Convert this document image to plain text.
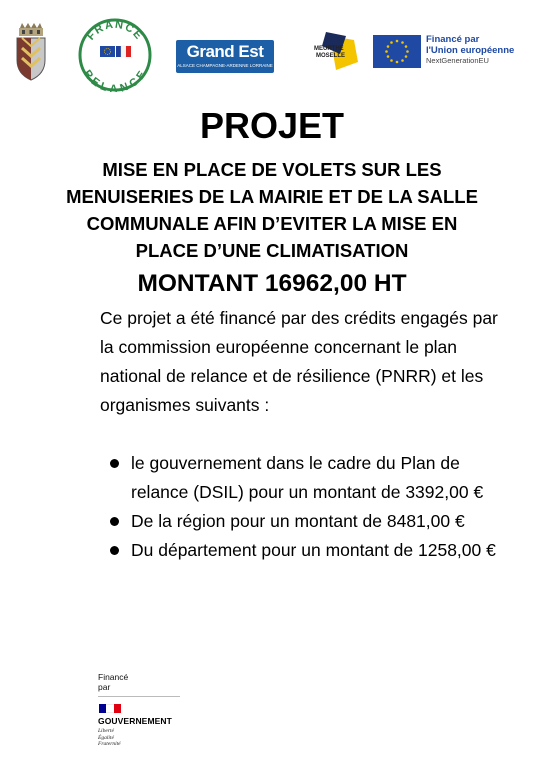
FRANCE
RELANCE
Grand Est
ALSACE CHAMPAGNE-ARDENNE LORRAINE
MEURTHE
MOSELLE
Financé par
l'Union européenne
NextGenerationEU
PROJET
MISE EN PLACE DE VOLETS SUR LES MENUISERIES DE LA MAIRIE ET DE LA SALLE COMMUNALE AFIN D’EVITER LA MISE EN PLACE D’UNE CLIMATISATION
MONTANT 16962,00 HT
Ce projet a été financé par des crédits engagés par la commission européenne concernant le plan national de relance et de résilience (PNRR) et les organismes suivants :
le gouvernement dans le cadre du Plan de relance (DSIL) pour un montant de 3392,00 €
De la région pour un montant de 8481,00 €
Du département pour un montant de 1258,00 €
Financé
par
GOUVERNEMENT
Liberté
Égalité
Fraternité
